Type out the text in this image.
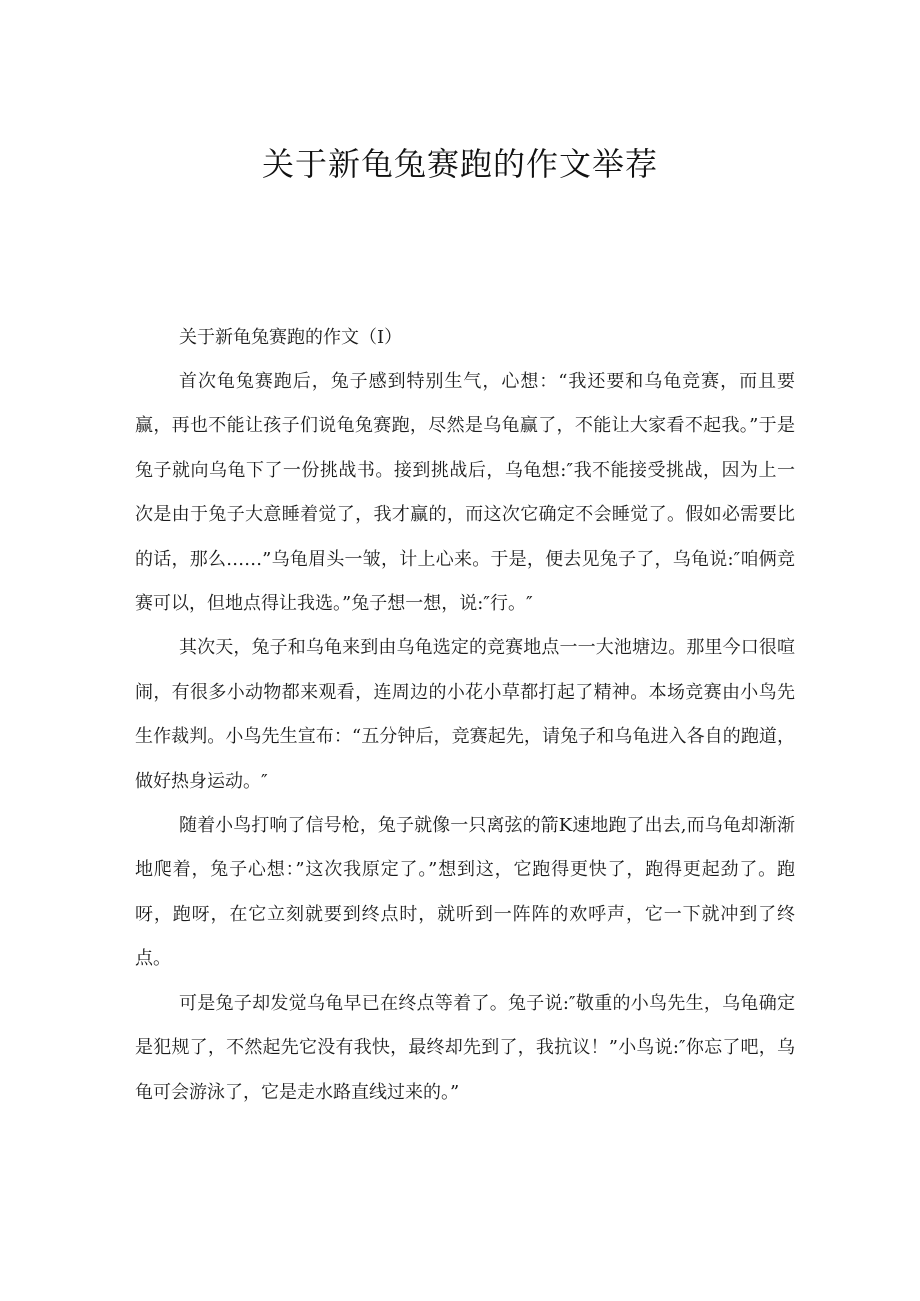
关于新龟兔赛跑的作文举荐

关于新龟兔赛跑的作文（I）

首次龟兔赛跑后，兔子感到特别生气，心想：“我还要和乌龟竞赛，而且要赢，再也不能让孩子们说龟兔赛跑，尽然是乌龟赢了，不能让大家看不起我。”于是兔子就向乌龟下了一份挑战书。接到挑战后，乌龟想:″我不能接受挑战，因为上一次是由于兔子大意睡着觉了，我才赢的，而这次它确定不会睡觉了。假如必需要比的话，那么……”乌龟眉头一皱，计上心来。于是，便去见兔子了，乌龟说:″咱俩竞赛可以，但地点得让我选。”兔子想一想，说:″行。″

其次天，兔子和乌龟来到由乌龟选定的竞赛地点一一大池塘边。那里今口很喧闹，有很多小动物都来观看，连周边的小花小草都打起了精神。本场竞赛由小鸟先生作裁判。小鸟先生宣布：“五分钟后，竞赛起先，请兔子和乌龟进入各自的跑道，做好热身运动。″

随着小鸟打响了信号枪，兔子就像一只离弦的箭K速地跑了出去,而乌龟却渐渐地爬着，兔子心想：”这次我原定了。”想到这，它跑得更快了，跑得更起劲了。跑呀，跑呀，在它立刻就要到终点时，就听到一阵阵的欢呼声，它一下就冲到了终点。

可是兔子却发觉乌龟早已在终点等着了。兔子说:″敬重的小鸟先生，乌龟确定是犯规了，不然起先它没有我快，最终却先到了，我抗议！”小鸟说:″你忘了吧，乌龟可会游泳了，它是走水路直线过来的。”
